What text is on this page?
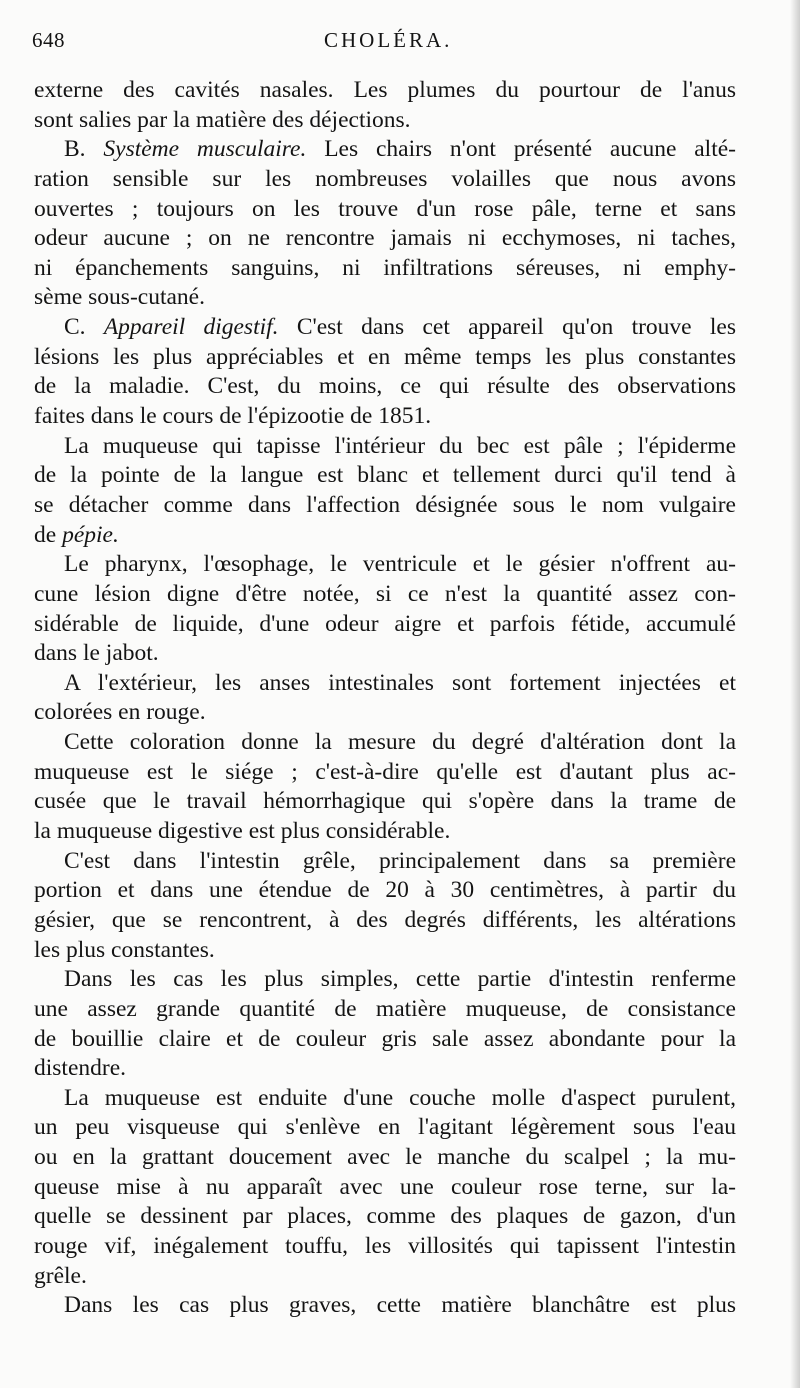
648	CHOLÉRA.
externe des cavités nasales. Les plumes du pourtour de l'anus
sont salies par la matière des déjections.
B. Système musculaire. Les chairs n'ont présenté aucune alté-
ration sensible sur les nombreuses volailles que nous avons
ouvertes ; toujours on les trouve d'un rose pâle, terne et sans
odeur aucune ; on ne rencontre jamais ni ecchymoses, ni taches,
ni épanchements sanguins, ni infiltrations séreuses, ni emphy-
sème sous-cutané.
C. Appareil digestif. C'est dans cet appareil qu'on trouve les
lésions les plus appréciables et en même temps les plus constantes
de la maladie. C'est, du moins, ce qui résulte des observations
faites dans le cours de l'épizootie de 1851.
La muqueuse qui tapisse l'intérieur du bec est pâle ; l'épiderme
de la pointe de la langue est blanc et tellement durci qu'il tend à
se détacher comme dans l'affection désignée sous le nom vulgaire
de pépie.
Le pharynx, l'œsophage, le ventricule et le gésier n'offrent au-
cune lésion digne d'être notée, si ce n'est la quantité assez con-
sidérable de liquide, d'une odeur aigre et parfois fétide, accumulé
dans le jabot.
A l'extérieur, les anses intestinales sont fortement injectées et
colorées en rouge.
Cette coloration donne la mesure du degré d'altération dont la
muqueuse est le siége ; c'est-à-dire qu'elle est d'autant plus ac-
cusée que le travail hémorrhagique qui s'opère dans la trame de
la muqueuse digestive est plus considérable.
C'est dans l'intestin grêle, principalement dans sa première
portion et dans une étendue de 20 à 30 centimètres, à partir du
gésier, que se rencontrent, à des degrés différents, les altérations
les plus constantes.
Dans les cas les plus simples, cette partie d'intestin renferme
une assez grande quantité de matière muqueuse, de consistance
de bouillie claire et de couleur gris sale assez abondante pour la
distendre.
La muqueuse est enduite d'une couche molle d'aspect purulent,
un peu visqueuse qui s'enlève en l'agitant légèrement sous l'eau
ou en la grattant doucement avec le manche du scalpel ; la mu-
queuse mise à nu apparaît avec une couleur rose terne, sur la-
quelle se dessinent par places, comme des plaques de gazon, d'un
rouge vif, inégalement touffu, les villosités qui tapissent l'intestin
grêle.
Dans les cas plus graves, cette matière blanchâtre est plus
